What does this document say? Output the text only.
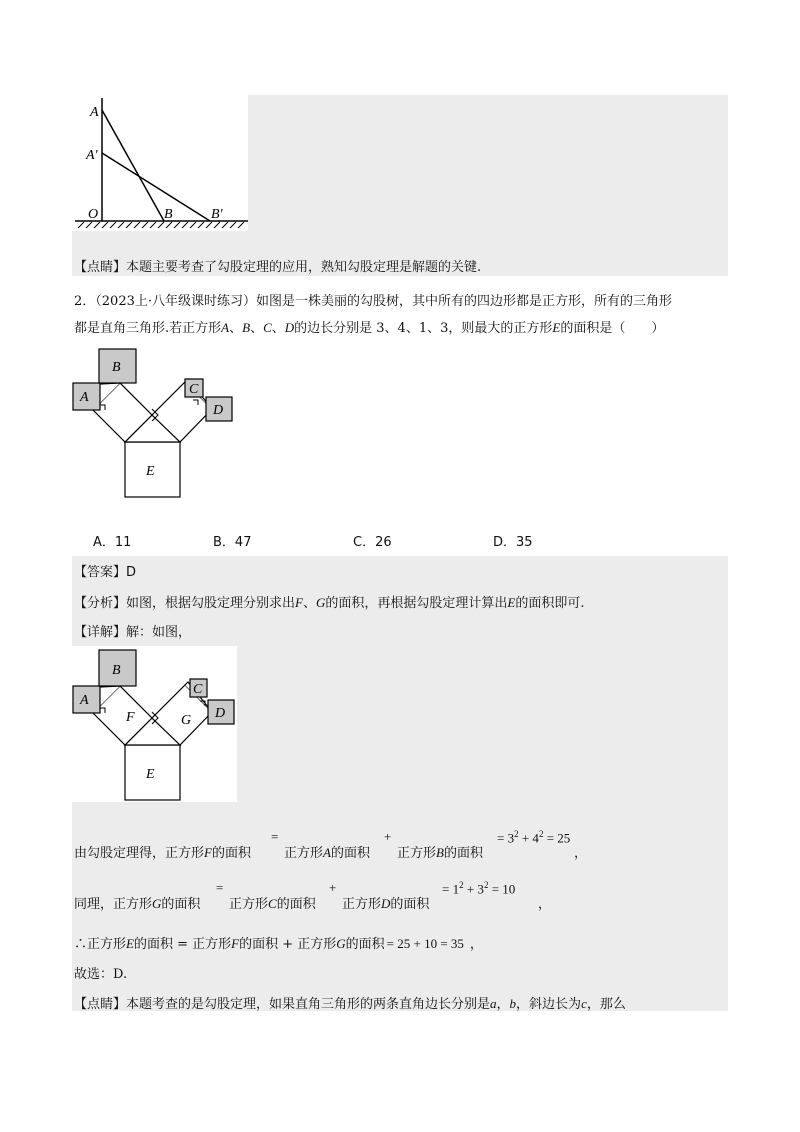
A
A′
O	B	B′
【点睛】本题主要考查了勾股定理的应用，熟知勾股定理是解题的关键.
2．（2023上·八年级课时练习）如图是一株美丽的勾股树，其中所有的四边形都是正方形，所有的三角形
都是直角三角形.若正方形A、B、C、D的边长分别是 3、4、1、3，则最大的正方形E的面积是（　　）
A
B
C
D
E
A．11	B．47	C．26	D．35
【答案】D
【分析】如图，根据勾股定理分别求出F、G的面积，再根据勾股定理计算出E的面积即可.
【详解】解：如图，
A
B
C
D
F	G
E
由勾股定理得，正方形F的面积
=
正方形A的面积
+
正方形B的面积
= $3^2 + 4^2 = 25$
，
同理，正方形G的面积
=
正方形C的面积
+
正方形D的面积
= $1^2 + 3^2 = 10$
，
∴正方形E的面积 = 正方形F的面积 + 正方形G的面积 = 25 + 10 = 35 ，
故选：D.
【点睛】本题考查的是勾股定理，如果直角三角形的两条直角边长分别是a，b，斜边长为c，那么
